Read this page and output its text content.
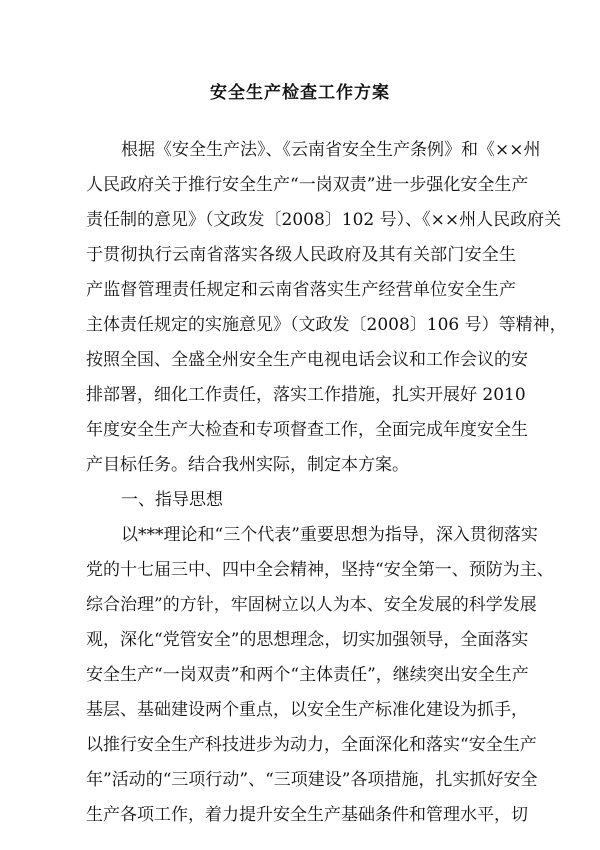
安全生产检查工作方案
根据《安全生产法》、《云南省安全生产条例》和《××州
人民政府关于推行安全生产“一岗双责”进一步强化安全生产
责任制的意见》（文政发〔2008〕102 号）、《××州人民政府关
于贯彻执行云南省落实各级人民政府及其有关部门安全生
产监督管理责任规定和云南省落实生产经营单位安全生产
主体责任规定的实施意见》（文政发〔2008〕106 号）等精神，
按照全国、全盛全州安全生产电视电话会议和工作会议的安
排部署，细化工作责任，落实工作措施，扎实开展好 2010
年度安全生产大检查和专项督查工作，全面完成年度安全生
产目标任务。结合我州实际，制定本方案。
一、指导思想
以***理论和“三个代表”重要思想为指导，深入贯彻落实
党的十七届三中、四中全会精神，坚持“安全第一、预防为主、
综合治理”的方针，牢固树立以人为本、安全发展的科学发展
观，深化“党管安全”的思想理念，切实加强领导，全面落实
安全生产“一岗双责”和两个“主体责任”，继续突出安全生产
基层、基础建设两个重点，以安全生产标准化建设为抓手，
以推行安全生产科技进步为动力，全面深化和落实“安全生产
年”活动的“三项行动”、“三项建设”各项措施，扎实抓好安全
生产各项工作，着力提升安全生产基础条件和管理水平，切
